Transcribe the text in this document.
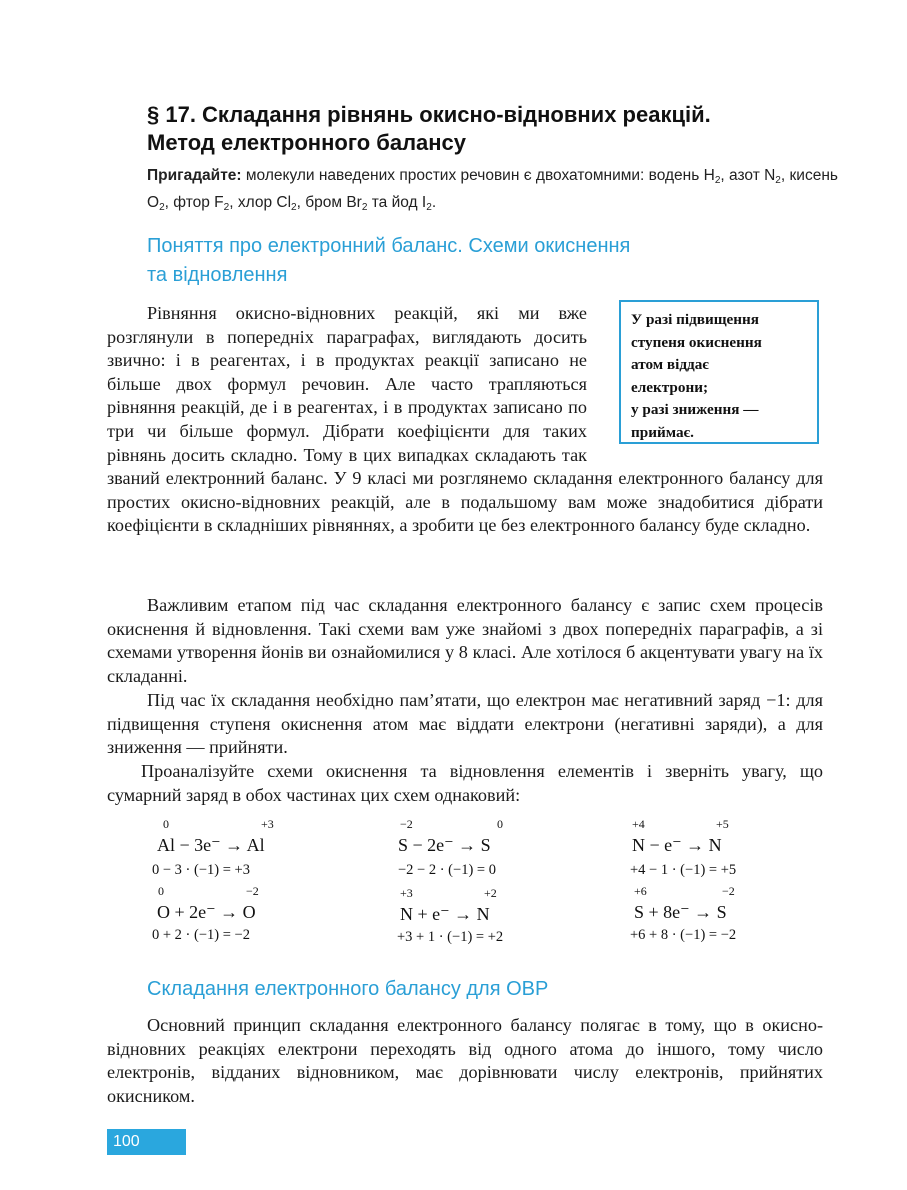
§ 17. Складання рівнянь окисно-відновних реакцій.
Метод електронного балансу
Пригадайте: молекули наведених простих речовин є двохатомними: водень $H_2$, азот $N_2$, кисень $O_2$, фтор $F_2$, хлор $Cl_2$, бром $Br_2$ та йод $I_2$.
Поняття про електронний баланс. Схеми окиснення
та відновлення

Рівняння окисно-відновних реакцій, які ми вже розглянули в попередніх параграфах, виглядають досить звично: і в реагентах, і в продуктах реакції записано не більше двох формул речовин. Але часто трапляються рівняння реакцій, де і в реагентах, і в продуктах записано по три чи більше формул. Дібрати коефіцієнти для таких рівнянь досить складно. Тому в цих випадках складають так званий електронний баланс. У 9 класі ми розглянемо складання електронного балансу для простих окисно-відновних реакцій, але в подальшому вам може знадобитися дібрати коефіцієнти в складніших рівняннях, а зробити це без електронного балансу буде складно.

У разі підвищення
ступеня окиснення
атом віддає
електрони;
у разі зниження —
приймає.

Важливим етапом під час складання електронного балансу є запис схем процесів окиснення й відновлення. Такі схеми вам уже знайомі з двох попередніх параграфів, а зі схемами утворення йонів ви ознайомилися у 8 класі. Але хотілося б акцентувати увагу на їх складанні.

Під час їх складання необхідно пам’ятати, що електрон має негативний заряд −1: для підвищення ступеня окиснення атом має віддати електрони (негативні заряди), а для зниження — прийняти.

Проаналізуйте схеми окиснення та відновлення елементів і зверніть увагу, що сумарний заряд в обох частинах цих схем однаковий:

0	+3
Al − 3e⁻ → Al
0 − 3 · (−1) = +3
−2	0
S − 2e⁻ → S
−2 − 2 · (−1) = 0
+4	+5
N − e⁻ → N
+4 − 1 · (−1) = +5
0	−2
O + 2e⁻ → O
0 + 2 · (−1) = −2
+3	+2
N + e⁻ → N
+3 + 1 · (−1) = +2
+6	−2
S + 8e⁻ → S
+6 + 8 · (−1) = −2
Складання електронного балансу для ОВР

Основний принцип складання електронного балансу полягає в тому, що в окисно-відновних реакціях електрони переходять від одного атома до іншого, тому число електронів, відданих відновником, має дорівнювати числу електронів, прийнятих окисником.

100
